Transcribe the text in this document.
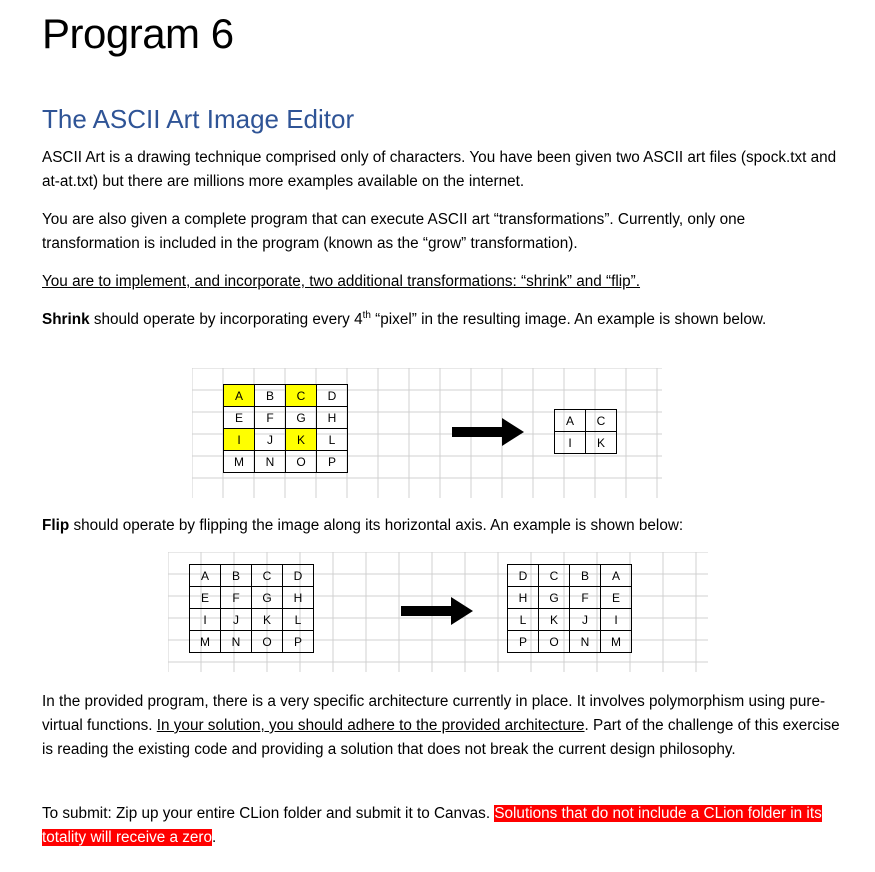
Program 6
The ASCII Art Image Editor
ASCII Art is a drawing technique comprised only of characters. You have been given two ASCII art files (spock.txt and at-at.txt) but there are millions more examples available on the internet.
You are also given a complete program that can execute ASCII art “transformations”. Currently, only one transformation is included in the program (known as the “grow” transformation).
You are to implement, and incorporate, two additional transformations: “shrink” and “flip”.
Shrink should operate by incorporating every 4th “pixel” in the resulting image. An example is shown below.
A	B	C	D
E	F	G	H
I	J	K	L
M	N	O	P
A	C
I	K
Flip should operate by flipping the image along its horizontal axis. An example is shown below:
A	B	C	D
E	F	G	H
I	J	K	L
M	N	O	P
D	C	B	A
H	G	F	E
L	K	J	I
P	O	N	M
In the provided program, there is a very specific architecture currently in place. It involves polymorphism using pure-virtual functions. In your solution, you should adhere to the provided architecture. Part of the challenge of this exercise is reading the existing code and providing a solution that does not break the current design philosophy.
To submit: Zip up your entire CLion folder and submit it to Canvas. Solutions that do not include a CLion folder in its totality will receive a zero.
